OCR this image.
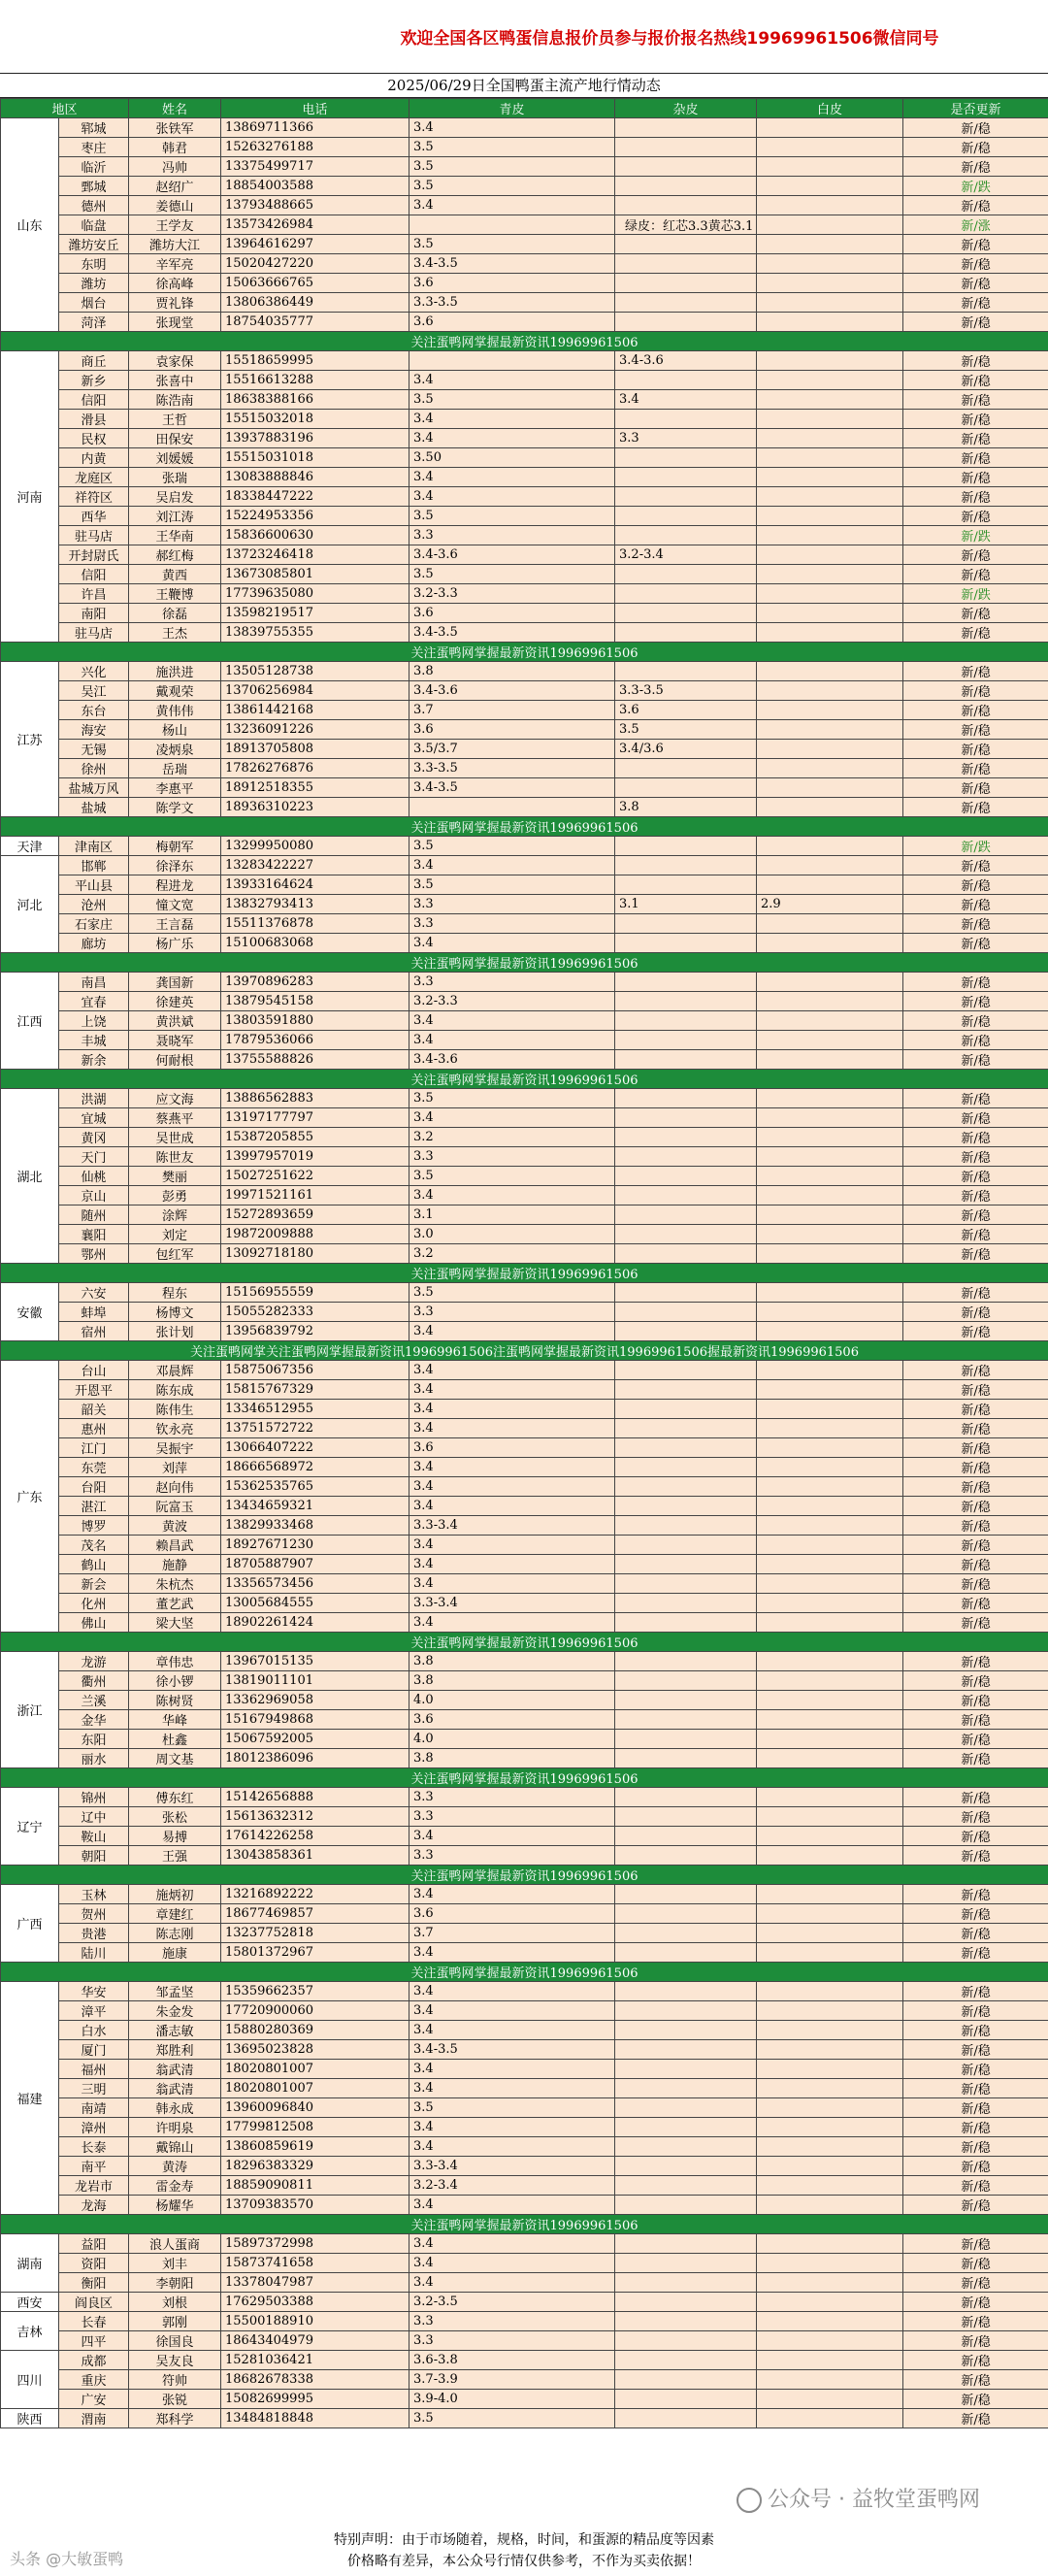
欢迎全国各区鸭蛋信息报价员参与报价报名热线19969961506微信同号
2025/06/29日全国鸭蛋主流产地行情动态
地区		姓名	电话	青皮	杂皮	白皮	是否更新
山东	郓城	张铁军	13869711366	3.4			新/稳
	枣庄	韩君	15263276188	3.5			新/稳
	临沂	冯帅	13375499717	3.5			新/稳
	鄄城	赵绍广	18854003588	3.5			新/跌
	德州	姜德山	13793488665	3.4			新/稳
	临盘	王学友	13573426984		绿皮：红芯3.3黄芯3.1		新/涨
	潍坊安丘	潍坊大江	13964616297	3.5			新/稳
	东明	辛军亮	15020427220	3.4-3.5			新/稳
	潍坊	徐高峰	15063666765	3.6			新/稳
	烟台	贾礼锋	13806386449	3.3-3.5			新/稳
	菏泽	张现堂	18754035777	3.6			新/稳
关注蛋鸭网掌握最新资讯19969961506							
河南	商丘	袁家保	15518659995		3.4-3.6		新/稳
	新乡	张喜中	15516613288	3.4			新/稳
	信阳	陈浩南	18638388166	3.5	3.4		新/稳
	滑县	王哲	15515032018	3.4			新/稳
	民权	田保安	13937883196	3.4	3.3		新/稳
	内黄	刘媛媛	15515031018	3.50			新/稳
	龙庭区	张瑞	13083888846	3.4			新/稳
	祥符区	吴启发	18338447222	3.4			新/稳
	西华	刘江涛	15224953356	3.5			新/稳
	驻马店	王华南	15836600630	3.3			新/跌
	开封尉氏	郝红梅	13723246418	3.4-3.6	3.2-3.4		新/稳
	信阳	黄西	13673085801	3.5			新/稳
	许昌	王鞭博	17739635080	3.2-3.3			新/跌
	南阳	徐磊	13598219517	3.6			新/稳
	驻马店	王杰	13839755355	3.4-3.5			新/稳
关注蛋鸭网掌握最新资讯19969961506							
江苏	兴化	施洪进	13505128738	3.8			新/稳
	吴江	戴观荣	13706256984	3.4-3.6	3.3-3.5		新/稳
	东台	黄伟伟	13861442168	3.7	3.6		新/稳
	海安	杨山	13236091226	3.6	3.5		新/稳
	无锡	凌炳泉	18913705808	3.5/3.7	3.4/3.6		新/稳
	徐州	岳瑞	17826276876	3.3-3.5			新/稳
	盐城万风	李惠平	18912518355	3.4-3.5			新/稳
	盐城	陈学文	18936310223		3.8		新/稳
关注蛋鸭网掌握最新资讯19969961506							
天津	津南区	梅朝军	13299950080	3.5			新/跌
河北	邯郸	徐泽东	13283422227	3.4			新/稳
	平山县	程进龙	13933164624	3.5			新/稳
	沧州	憧文宽	13832793413	3.3	3.1	2.9	新/稳
	石家庄	王言磊	15511376878	3.3			新/稳
	廊坊	杨广乐	15100683068	3.4			新/稳
关注蛋鸭网掌握最新资讯19969961506							
江西	南昌	龚国新	13970896283	3.3			新/稳
	宜春	徐建英	13879545158	3.2-3.3			新/稳
	上饶	黄洪斌	13803591880	3.4			新/稳
	丰城	聂晓军	17879536066	3.4			新/稳
	新余	何耐根	13755588826	3.4-3.6			新/稳
关注蛋鸭网掌握最新资讯19969961506							
湖北	洪湖	应文海	13886562883	3.5			新/稳
	宜城	蔡燕平	13197177797	3.4			新/稳
	黄冈	吴世成	15387205855	3.2			新/稳
	天门	陈世友	13997957019	3.3			新/稳
	仙桃	樊丽	15027251622	3.5			新/稳
	京山	彭勇	19971521161	3.4			新/稳
	随州	涂辉	15272893659	3.1			新/稳
	襄阳	刘定	19872009888	3.0			新/稳
	鄂州	包红军	13092718180	3.2			新/稳
关注蛋鸭网掌握最新资讯19969961506							
安徽	六安	程东	15156955559	3.5			新/稳
	蚌埠	杨博文	15055282333	3.3			新/稳
	宿州	张计划	13956839792	3.4			新/稳
关注蛋鸭网掌关注蛋鸭网掌握最新资讯19969961506注蛋鸭网掌握最新资讯19969961506握最新资讯19969961506							
广东	台山	邓晨辉	15875067356	3.4			新/稳
	开恩平	陈东成	15815767329	3.4			新/稳
	韶关	陈伟生	13346512955	3.4			新/稳
	惠州	钦永亮	13751572722	3.4			新/稳
	江门	吴振宇	13066407222	3.6			新/稳
	东莞	刘萍	18666568972	3.4			新/稳
	台阳	赵向伟	15362535765	3.4			新/稳
	湛江	阮富玉	13434659321	3.4			新/稳
	博罗	黄波	13829933468	3.3-3.4			新/稳
	茂名	赖昌武	18927671230	3.4			新/稳
	鹤山	施静	18705887907	3.4			新/稳
	新会	朱杭杰	13356573456	3.4			新/稳
	化州	董艺武	13005684555	3.3-3.4			新/稳
	佛山	梁大坚	18902261424	3.4			新/稳
关注蛋鸭网掌握最新资讯19969961506							
浙江	龙游	章伟忠	13967015135	3.8			新/稳
	衢州	徐小锣	13819011101	3.8			新/稳
	兰溪	陈树贤	13362969058	4.0			新/稳
	金华	华峰	15167949868	3.6			新/稳
	东阳	杜鑫	15067592005	4.0			新/稳
	丽水	周文基	18012386096	3.8			新/稳
关注蛋鸭网掌握最新资讯19969961506							
辽宁	锦州	傅东红	15142656888	3.3			新/稳
	辽中	张松	15613632312	3.3			新/稳
	鞍山	易搏	17614226258	3.4			新/稳
	朝阳	王强	13043858361	3.3			新/稳
关注蛋鸭网掌握最新资讯19969961506							
广西	玉林	施炳初	13216892222	3.4			新/稳
	贺州	章建红	18677469857	3.6			新/稳
	贵港	陈志刚	13237752818	3.7			新/稳
	陆川	施康	15801372967	3.4			新/稳
关注蛋鸭网掌握最新资讯19969961506							
福建	华安	邹孟坚	15359662357	3.4			新/稳
	漳平	朱金发	17720900060	3.4			新/稳
	白水	潘志敏	15880280369	3.4			新/稳
	厦门	郑胜利	13695023828	3.4-3.5			新/稳
	福州	翁武清	18020801007	3.4			新/稳
	三明	翁武清	18020801007	3.4			新/稳
	南靖	韩永成	13960096840	3.5			新/稳
	漳州	许明泉	17799812508	3.4			新/稳
	长泰	戴锦山	13860859619	3.4			新/稳
	南平	黄涛	18296383329	3.3-3.4			新/稳
	龙岩市	雷金寿	18859090811	3.2-3.4			新/稳
	龙海	杨耀华	13709383570	3.4			新/稳
关注蛋鸭网掌握最新资讯19969961506							
湖南	益阳	浪人蛋商	15897372998	3.4			新/稳
	资阳	刘丰	15873741658	3.4			新/稳
	衡阳	李朝阳	13378047987	3.4			新/稳
西安	阎良区	刘根	17629503388	3.2-3.5			新/稳
吉林	长春	郭刚	15500188910	3.3			新/稳
	四平	徐国良	18643404979	3.3			新/稳
四川	成都	吴友良	15281036421	3.6-3.8			新/稳
	重庆	符帅	18682678338	3.7-3.9			新/稳
	广安	张锐	15082699995	3.9-4.0			新/稳
陕西	渭南	郑科学	13484818848	3.5			新/稳
特别声明：由于市场随着，规格，时间，和蛋源的精品度等因素
价格略有差异，本公众号行情仅供参考，不作为买卖依据！
公众号 · 益牧堂蛋鸭网
头条 @大敏蛋鸭
